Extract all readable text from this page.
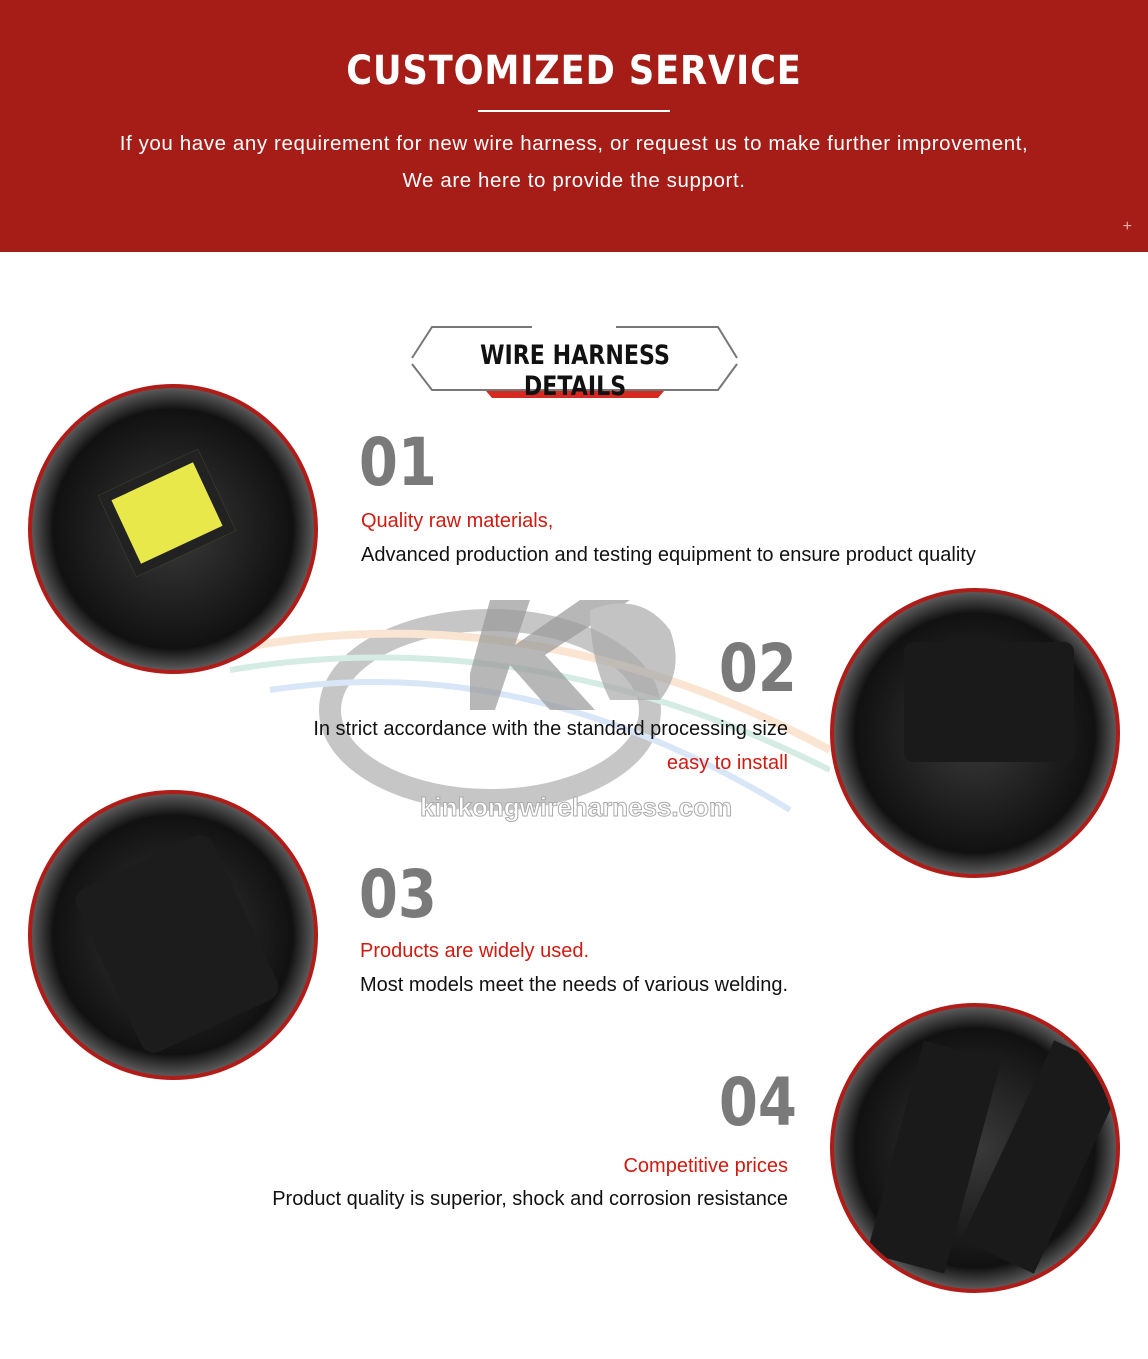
CUSTOMIZED SERVICE

If you have any requirement for new wire harness, or request us to make further improvement,

We are here to provide the support.

+
WIRE HARNESS DETAILS
kinkongwireharness.com
01
Quality raw materials,
Advanced production and testing equipment to ensure product quality
02
In strict accordance with the standard processing size
easy to install
03
Products are widely used.
Most models meet the needs of various welding.
04
Competitive prices
Product quality is superior, shock and corrosion resistance
